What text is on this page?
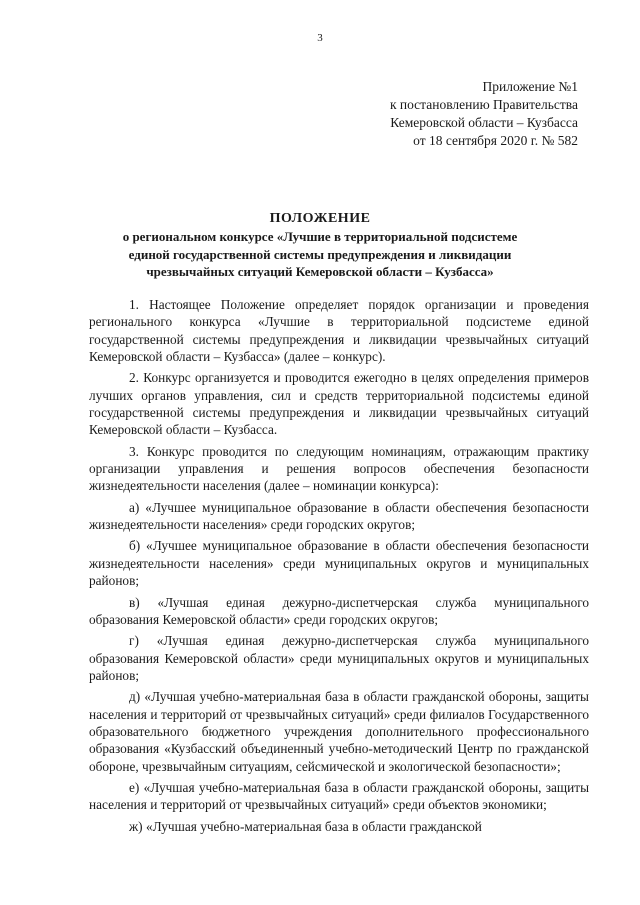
3
Приложение №1
к постановлению Правительства
Кемеровской области – Кузбасса
от 18 сентября 2020 г. № 582
ПОЛОЖЕНИЕ
о региональном конкурсе «Лучшие в территориальной подсистеме
единой государственной системы предупреждения и ликвидации
чрезвычайных ситуаций Кемеровской области – Кузбасса»

1. Настоящее Положение определяет порядок организации и проведения регионального конкурса «Лучшие в территориальной подсистеме единой государственной системы предупреждения и ликвидации чрезвычайных ситуаций Кемеровской области – Кузбасса» (далее – конкурс).

2. Конкурс организуется и проводится ежегодно в целях определения примеров лучших органов управления, сил и средств территориальной подсистемы единой государственной системы предупреждения и ликвидации чрезвычайных ситуаций Кемеровской области – Кузбасса.

3. Конкурс проводится по следующим номинациям, отражающим практику организации управления и решения вопросов обеспечения безопасности жизнедеятельности населения (далее – номинации конкурса):

а) «Лучшее муниципальное образование в области обеспечения безопасности жизнедеятельности населения» среди городских округов;

б) «Лучшее муниципальное образование в области обеспечения безопасности жизнедеятельности населения» среди муниципальных округов и муниципальных районов;

в) «Лучшая единая дежурно-диспетчерская служба муниципального образования Кемеровской области» среди городских округов;

г) «Лучшая единая дежурно-диспетчерская служба муниципального образования Кемеровской области» среди муниципальных округов и муниципальных районов;

д) «Лучшая учебно-материальная база в области гражданской обороны, защиты населения и территорий от чрезвычайных ситуаций» среди филиалов Государственного образовательного бюджетного учреждения дополнительного профессионального образования «Кузбасский объединенный учебно-методический Центр по гражданской обороне, чрезвычайным ситуациям, сейсмической и экологической безопасности»;

е) «Лучшая учебно-материальная база в области гражданской обороны, защиты населения и территорий от чрезвычайных ситуаций» среди объектов экономики;

ж) «Лучшая учебно-материальная база в области гражданской
